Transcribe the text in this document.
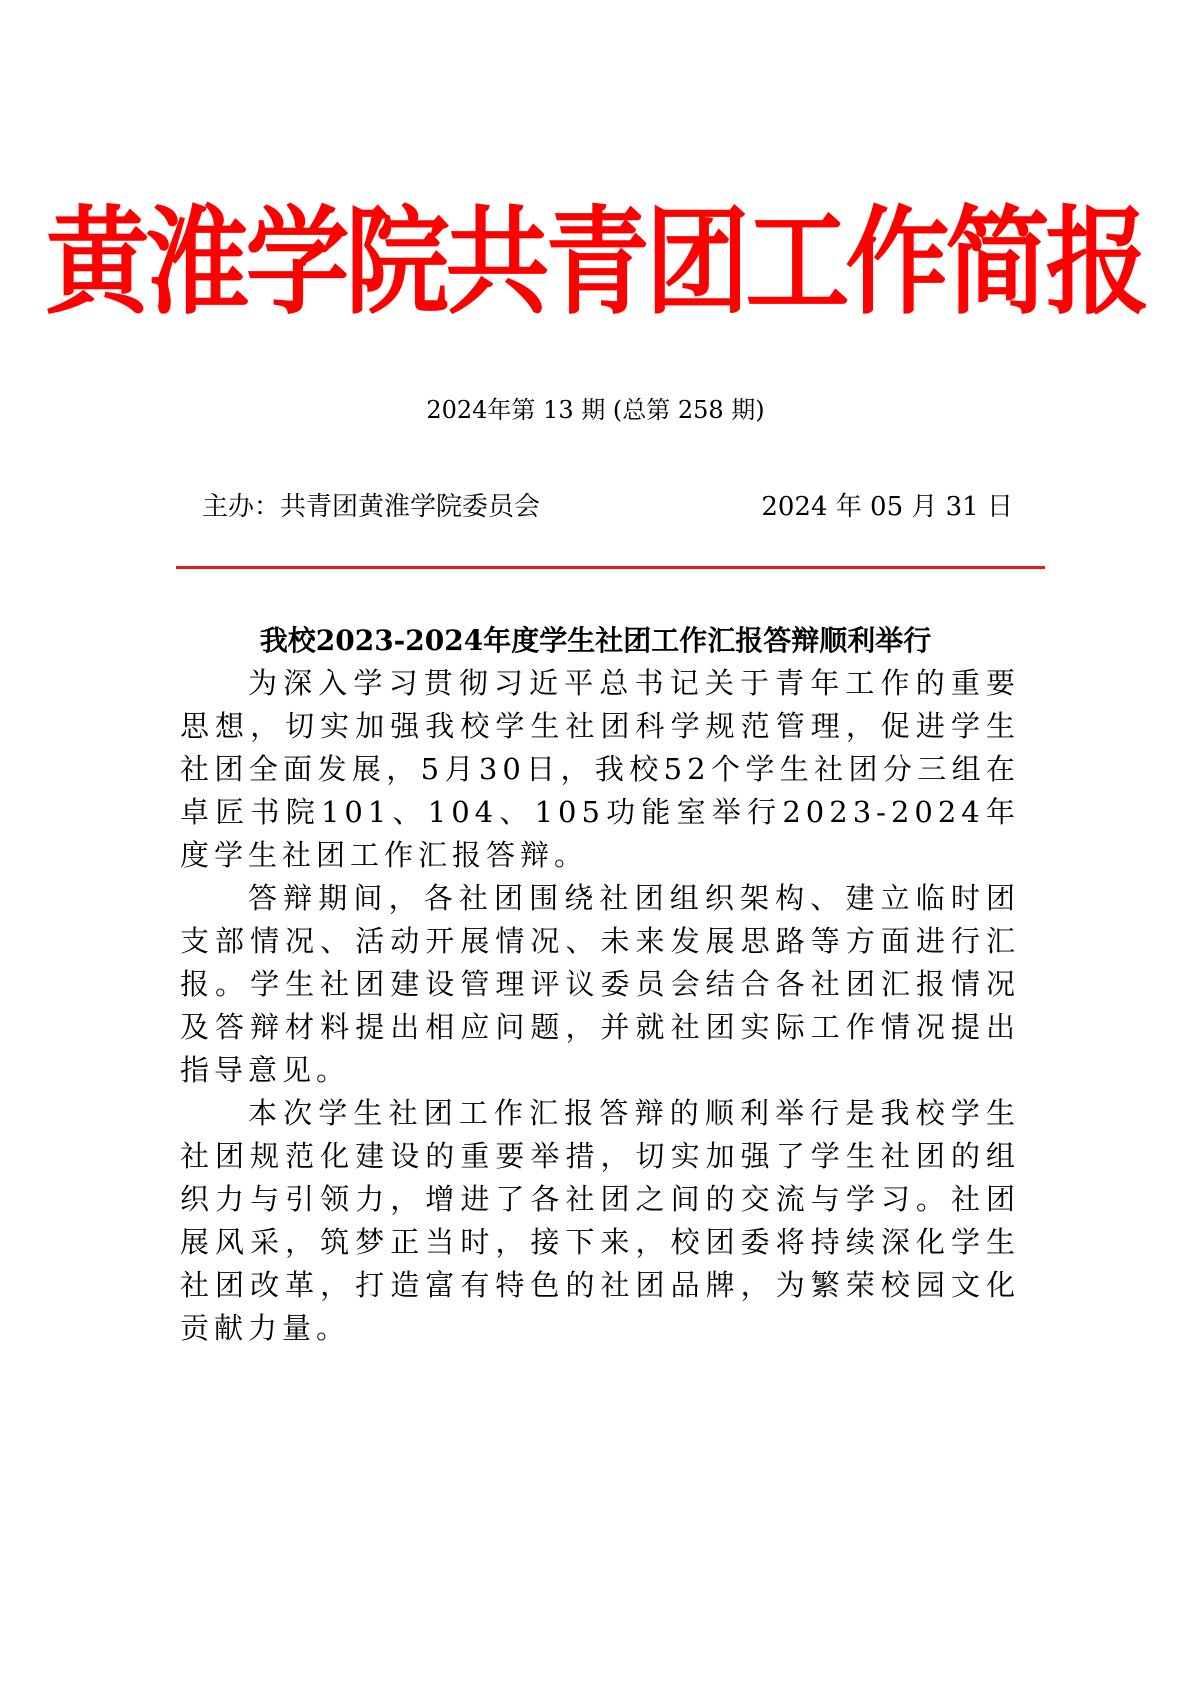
黄淮学院共青团工作简报
2024年第 13 期 (总第 258 期)
主办：共青团黄淮学院委员会	2024 年 05 月 31 日
我校2023-2024年度学生社团工作汇报答辩顺利举行

为深入学习贯彻习近平总书记关于青年工作的重要思想，切实加强我校学生社团科学规范管理，促进学生社团全面发展，5月30日，我校52个学生社团分三组在卓匠书院101、104、105功能室举行2023-2024年度学生社团工作汇报答辩。

答辩期间，各社团围绕社团组织架构、建立临时团支部情况、活动开展情况、未来发展思路等方面进行汇报。学生社团建设管理评议委员会结合各社团汇报情况及答辩材料提出相应问题，并就社团实际工作情况提出指导意见。

本次学生社团工作汇报答辩的顺利举行是我校学生社团规范化建设的重要举措，切实加强了学生社团的组织力与引领力，增进了各社团之间的交流与学习。社团展风采，筑梦正当时，接下来，校团委将持续深化学生社团改革，打造富有特色的社团品牌，为繁荣校园文化贡献力量。
